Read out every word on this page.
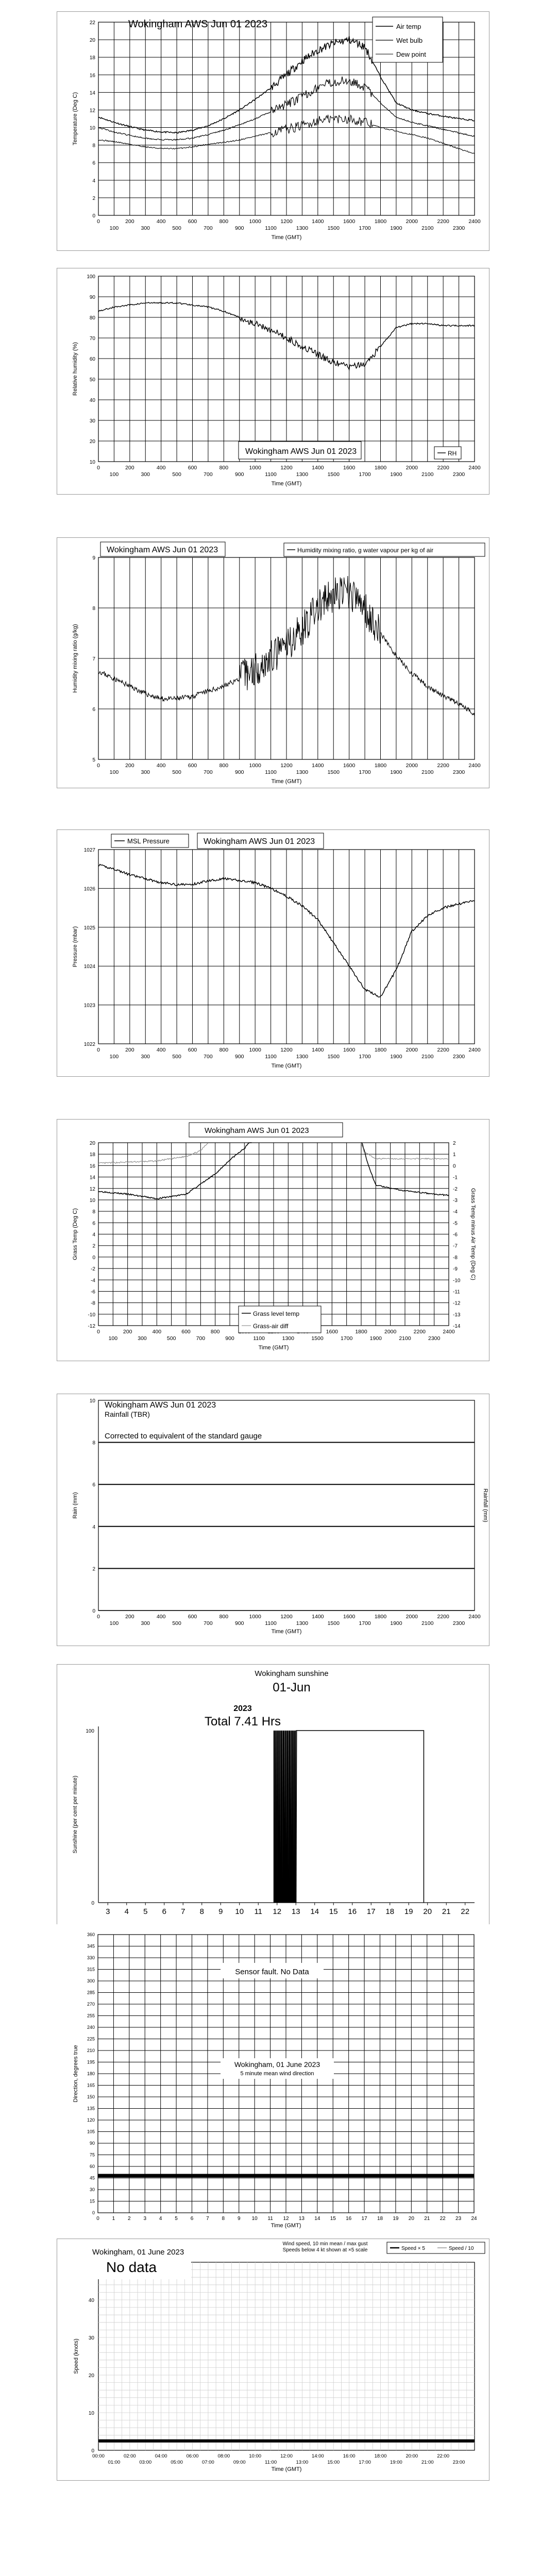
0
2
4
6
8
10
12
14
16
18
20
22
Temperature (Deg C)
Time (GMT)
0	200	400	600	800	1000	1200	1400	1600	1800	2000	2200	2400
100	300	500	700	900	1100	1300	1500	1700	1900	2100	2300
Wokingham AWS Jun 01 2023	Air temp
Wet bulb
Dew point
10
20
30
40
50
60
70
80
90
100
Relative humidity (%)
Time (GMT)
0	200	400	600	800	1000	1200	1400	1600	1800	2000	2200	2400
100	300	500	700	900	1100	1300	1500	1700	1900	2100	2300
Wokingham AWS Jun 01 2023	RH
5
6
7
8
9
Humidity mixing ratio (g/kg)
Time (GMT)
0	200	400	600	800	1000	1200	1400	1600	1800	2000	2200	2400
100	300	500	700	900	1100	1300	1500	1700	1900	2100	2300
Wokingham AWS Jun 01 2023	Humidity mixing ratio, g water vapour per kg of air
1022
1023
1024
1025
1026
1027
Pressure (mbar)
Time (GMT)
0	200	400	600	800	1000	1200	1400	1600	1800	2000	2200	2400
100	300	500	700	900	1100	1300	1500	1700	1900	2100	2300
MSL Pressure	Wokingham AWS Jun 01 2023
-12
-10
-8
-6
-4
-2
0
2
4
6
8
10
12
14
16
18
20
Grass Temp (Deg C)
Time (GMT)
0	200	400	600	800	1600	1800	2000	2200	2400
100	300	500	700	900	1100	1300	1500	1700	1900	2100	2300
-14
-13
-12
-11
-10
-9
-8
-7
-6
-5
-4
-3
-2
-1
0
1
2
Grass Temp minus Air Temp (Deg C)
Wokingham AWS Jun 01 2023
Grass level temp
Grass-air diff
0
2
4
6
8
10
0	200	400	600	800	1000	1200	1400	1600	1800	2000	2200	2400
100	300	500	700	900	1100	1300	1500	1700	1900	2100	2300
Time (GMT)
Rain (mm)	Rainfall (mm)
Wokingham AWS Jun 01 2023
Rainfall (TBR)
Corrected to equivalent of the standard gauge
3 4 5 6 7 8 9 10 11 12 13 14 15 16 17 18 19 20 21 22
0
100
Sunshine (per cent per minute)
Wokingham sunshine
01-Jun
2023
Total 7.41 Hrs
0
15
30
45
60
75
90
105
120
135
150
165
180
195
210
225
240
255
270
285
300
315
330
345
360
0 1 2 3 4 5 6 7 8 9 10 11 12 13 14 15 16 17 18 19 20 21 22 23 24
Time (GMT)
Direction, degrees true
Sensor fault. No Data
Wokingham, 01 June 2023
5 minute mean wind direction
0
10
20
30
40
00:00	02:00	04:00	06:00	08:00	10:00	12:00	14:00	16:00	18:00	20:00	22:00
01:00	03:00	05:00	07:00	09:00	11:00	13:00	15:00	17:00	19:00	21:00	23:00
Time (GMT)
Speed (knots)
Wokingham, 01 June 2023
No data
Wind speed, 10 min mean / max gust
Speeds below 4 kt shown at ×5 scale	Speed × 5	Speed / 10
